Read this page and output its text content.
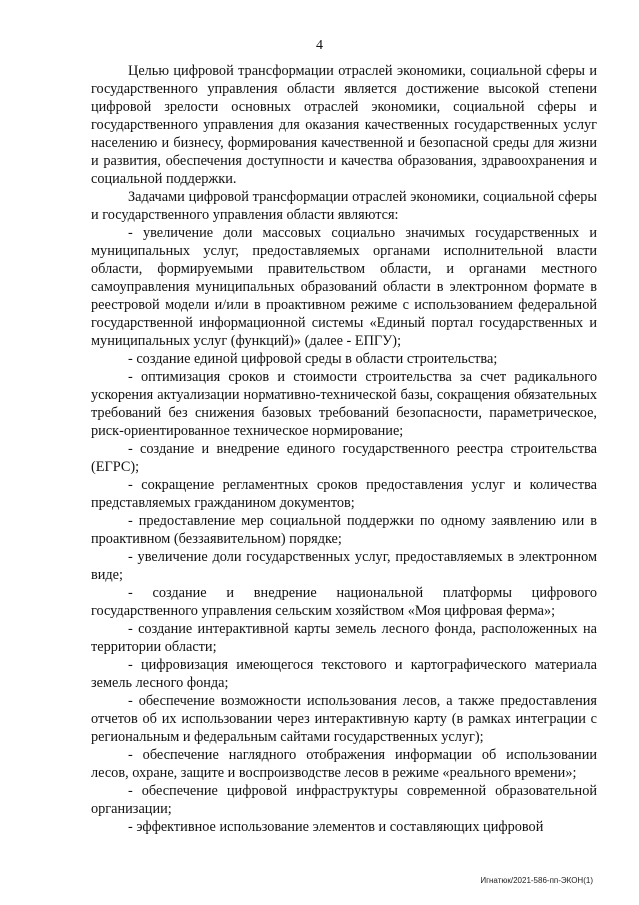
4

Целью цифровой трансформации отраслей экономики, социальной сферы и государственного управления области является достижение высокой степени цифровой зрелости основных отраслей экономики, социальной сферы и государственного управления для оказания качественных государственных услуг населению и бизнесу, формирования качественной и безопасной среды для жизни и развития, обеспечения доступности и качества образования, здравоохранения и социальной поддержки.

Задачами цифровой трансформации отраслей экономики, социальной сферы и государственного управления области являются:

- увеличение доли массовых социально значимых государственных и муниципальных услуг, предоставляемых органами исполнительной власти области, формируемыми правительством области, и органами местного самоуправления муниципальных образований области в электронном формате в реестровой модели и/или в проактивном режиме с использованием федеральной государственной информационной системы «Единый портал государственных и муниципальных услуг (функций)» (далее - ЕПГУ);

- создание единой цифровой среды в области строительства;

- оптимизация сроков и стоимости строительства за счет радикального ускорения актуализации нормативно-технической базы, сокращения обязательных требований без снижения базовых требований безопасности, параметрическое, риск-ориентированное техническое нормирование;

- создание и внедрение единого государственного реестра строительства (ЕГРС);

- сокращение регламентных сроков предоставления услуг и количества представляемых гражданином документов;

- предоставление мер социальной поддержки по одному заявлению или в проактивном (беззаявительном) порядке;

- увеличение доли государственных услуг, предоставляемых в электронном виде;

- создание и внедрение национальной платформы цифрового государственного управления сельским хозяйством «Моя цифровая ферма»;

- создание интерактивной карты земель лесного фонда, расположенных на территории области;

- цифровизация имеющегося текстового и картографического материала земель лесного фонда;

- обеспечение возможности использования лесов, а также предоставления отчетов об их использовании через интерактивную карту (в рамках интеграции с региональным и федеральным сайтами государственных услуг);

- обеспечение наглядного отображения информации об использовании лесов, охране, защите и воспроизводстве лесов в режиме «реального времени»;

- обеспечение цифровой инфраструктуры современной образовательной организации;

- эффективное использование элементов и составляющих цифровой

Игнатюк/2021-586-пп-ЭКОН(1)
